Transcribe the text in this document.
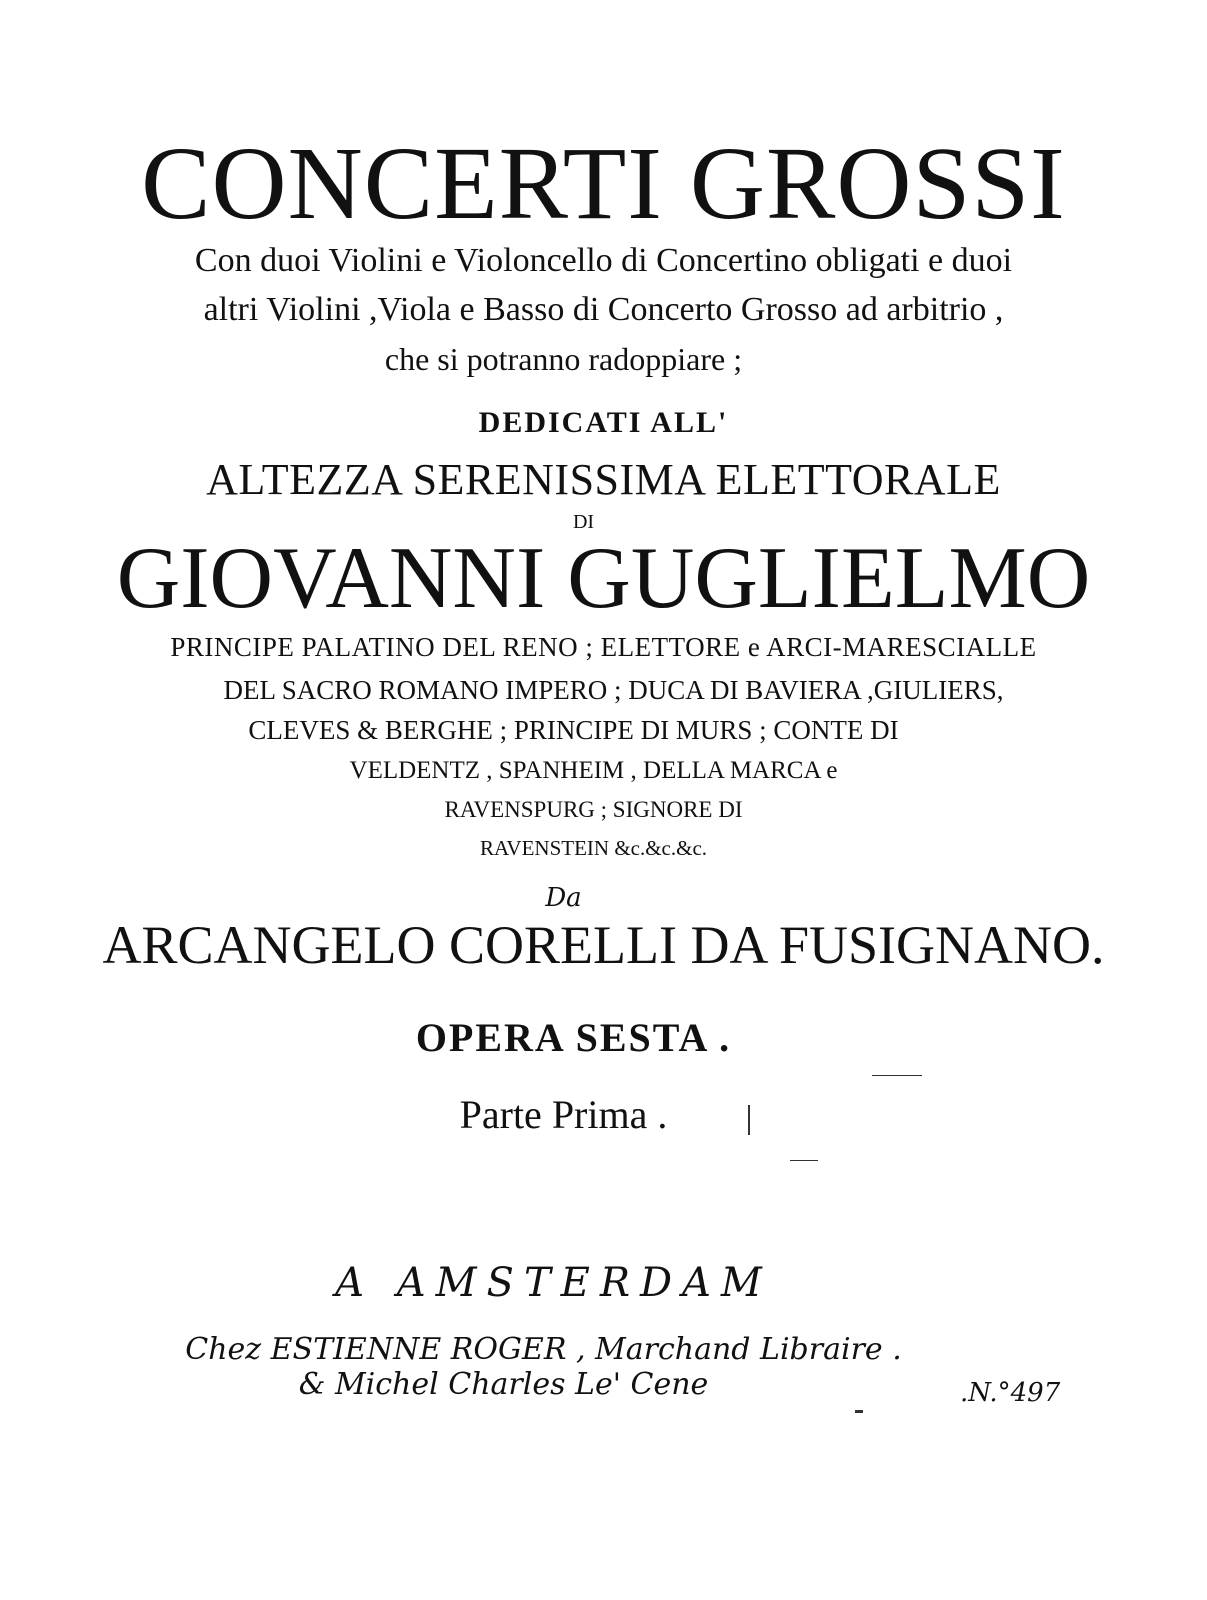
CONCERTI GROSSI
Con duoi Violini e Violoncello di Concertino obligati e duoi
altri Violini ,Viola e Basso di Concerto Grosso ad arbitrio ,
che si potranno radoppiare ;
DEDICATI ALL'
ALTEZZA SERENISSIMA ELETTORALE
DI
GIOVANNI GUGLIELMO
PRINCIPE PALATINO DEL RENO ; ELETTORE e ARCI-MARESCIALLE
DEL SACRO ROMANO IMPERO ; DUCA DI BAVIERA ,GIULIERS,
CLEVES & BERGHE ; PRINCIPE DI MURS ; CONTE DI
VELDENTZ , SPANHEIM , DELLA MARCA e
RAVENSPURG ; SIGNORE DI
RAVENSTEIN &c.&c.&c.
Da
ARCANGELO CORELLI DA FUSIGNANO.
OPERA SESTA .
Parte Prima .
A AMSTERDAM
Chez ESTIENNE ROGER , Marchand Libraire .
& Michel Charles Le' Cene	.N.°497
